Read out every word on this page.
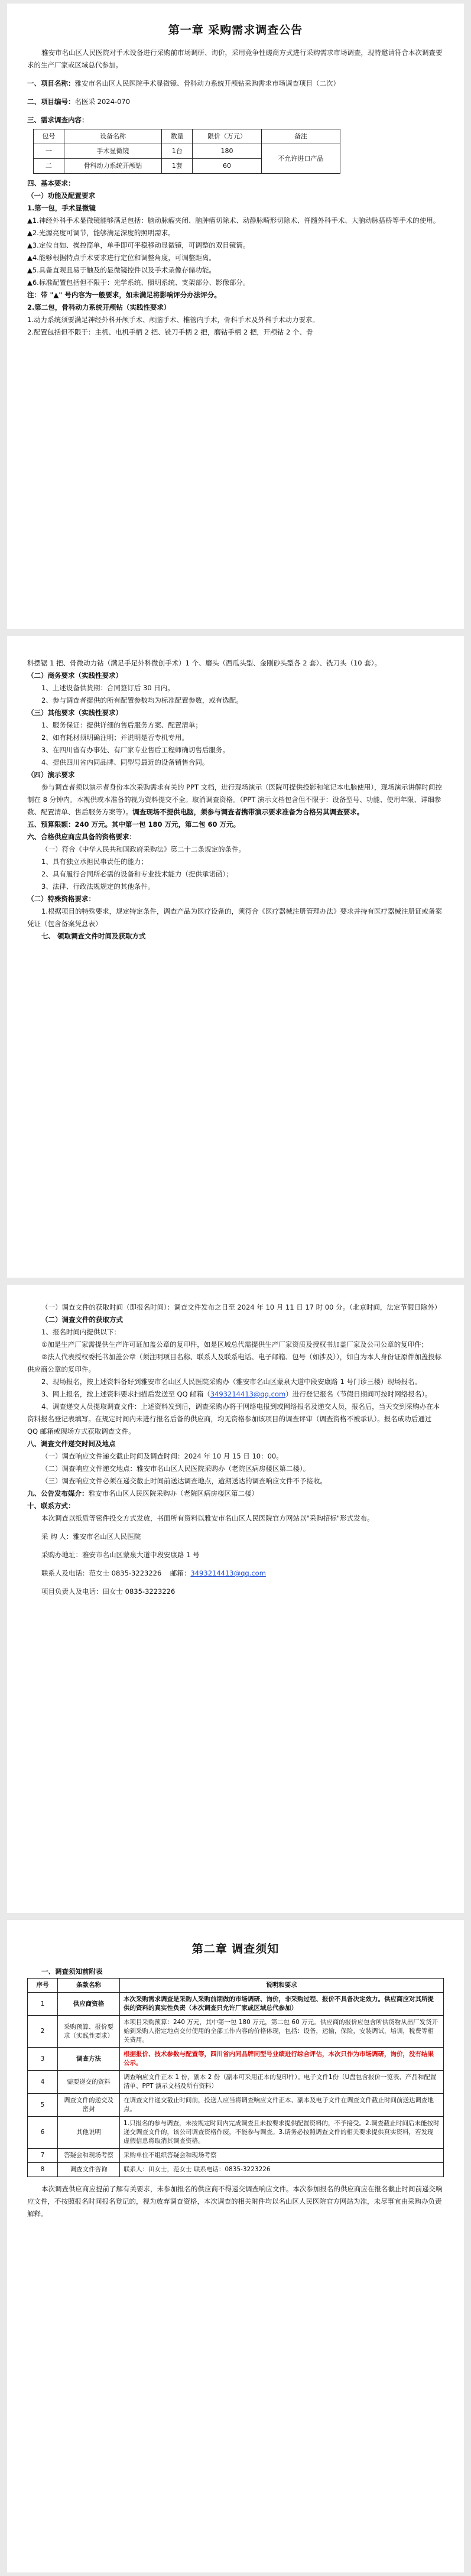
第一章 采购需求调查公告

雅安市名山区人民医院对手术设备进行采购前市场调研、询价，采用竞争性磋商方式进行采购需求市场调查，现特邀请符合本次调查要求的生产厂家或区域总代参加。

一、项目名称：雅安市名山区人民医院手术显微镜、骨科动力系统开颅钻采购需求市场调查项目（二次）

二、项目编号：名医采 2024-070

三、需求调查内容：

包号	设备名称	数量	限价（万元）	备注
一	手术显微镜	1台	180	不允许进口产品
二	骨科动力系统开颅钻	1套	60	

四、基本要求：

（一）功能及配置要求

1.第一包，手术显微镜

▲1.神经外科手术显微镜能够满足包括：脑动脉瘤夹闭、脑肿瘤切除术、动静脉畸形切除术、脊髓外科手术、大脑动脉搭桥等手术的使用。

▲2.光源亮度可调节，能够满足深度的照明需求。

▲3.定位自如、操控简单，单手即可平稳移动显微镜，可调整的双目镜筒。

▲4.能够根据特点手术要求进行定位和调整角度，可调整距离。

▲5.具备直观且易于触及的显微镜控件以及手术录像存储功能。

▲6.标准配置包括但不限于：光学系统、照明系统、支架部分、影像部分。

注：带 "▲" 号内容为一般要求，如未满足将影响评分办法评分。

2.第二包，骨科动力系统开颅钻（实践性要求）

1.动力系统须要满足神经外科开颅手术、颅脑手术、椎管内手术，骨科手术及外科手术动力要求。

2.配置包括但不限于：主机、电机手柄 2 把、铣刀手柄 2 把，磨钻手柄 2 把，开颅钻 2 个、骨

科摆锯 1 把、骨微动力钻（满足手足外科微创手术）1 个、磨头（西瓜头型、金刚砂头型各 2 套）、铣刀头（10 套）。

（二）商务要求（实践性要求）

1、上述设备供货期：合同签订后 30 日内。

2、参与调查者提供的所有配置参数均为标准配置参数，或有选配。

（三）其他要求（实践性要求）

1、服务保证：提供详细的售后服务方案、配置清单；

2、如有耗材须明确注明；并说明是否专机专用。

3、在四川省有办事处、有厂家专业售后工程师确切售后服务。

4、提供四川省内同品牌、同型号最近的设备销售合同。

（四）演示要求

参与调查者须以演示者身份本次采购需求有关的 PPT 文档，进行现场演示（医院可提供投影和笔记本电脑使用），现场演示讲解时间控制在 8 分钟内。本视供或本准备的视为资料提交不全。取消调查资格。（PPT 演示文档包含但不限于：设备型号、功能、使用年限、详细参数、配置清单、售后服务方案等）。调查现场不提供电脑，须参与调查者携带演示要求准备为合格另其调查要求。

五、预算限额：240 万元。其中第一包 180 万元，第二包 60 万元。

六、合格供应商应具备的资格要求：

（一）符合《中华人民共和国政府采购法》第二十二条规定的条件。

1、具有独立承担民事责任的能力；

2、具有履行合同所必需的设备和专业技术能力（提供承诺函）；

3、法律、行政法规规定的其他条件。

（二）特殊资格要求：

1.根据项目的特殊要求，规定特定条件，调查产品为医疗设备的，须符合《医疗器械注册管理办法》要求并持有医疗器械注册证或备案凭证（包含备案凭息表）

七、 领取调查文件时间及获取方式

（一）调查文件的获取时间（即报名时间）：调查文件发布之日至 2024 年 10 月 11 日 17 时 00 分。（北京时间，法定节假日除外）

（二）调查文件的获取方式

1、报名时间内提供以下：

①加是生产厂家需提供生产许可证加盖公章的复印件，如是区域总代需提供生产厂家资质及授权书加盖厂家及公司公章的复印件；

②法人代表授权委托书加盖公章（须注明项目名称、联系人及联系电话、电子邮箱、包号（如涉及）），如自为本人身份证原件加盖投标供应商公章的复印件。

2、现场报名，按上述资料备好到雅安市名山区人民医院采购办（雅安市名山区蒙泉大道中段安康路 1 号门诊三楼）现场报名。

3、网上报名，按上述资料要求扫描后发送至 QQ 邮箱（3493214413@qq.com）进行登记报名（节假日期间可按时网络报名）。

4、调查递交人员提取调查文件：上述资料发到后，调查采购办将于网络电报到或网络报名及递交人员，报名后，当天交到采购办在本资料报名登记表填写。在规定时间内未进行报名后备的供应商，均无资格参加该项目的调查评审（调查资格不被承认）。报名成功后通过 QQ 邮箱或现场方式获取调查文件。

八、调查文件递交时间及地点

（一）调查响应文件递交截止时间及调查时间：2024 年 10 月 15 日 10：00。

（二）调查响应文件递交地点：雅安市名山区人民医院采购办（老院区病房楼区第二楼）。

（三）调查响应文件必须在递交截止时间前送达调查地点，逾期送达的调查响应文件不予接收。

九、公告发布媒介：雅安市名山区人民医院采购办（老院区病房楼区第二楼）

十、联系方式：

本次调查以纸质等密件投交方式发放，书面所有资料以雅安市名山区人民医院官方网站以"采购招标"形式发布。

采 购 人：雅安市名山区人民医院

采购办地址：雅安市名山区蒙泉大道中段安康路 1 号

联系人及电话：范女士 0835-3223226 邮箱：3493214413@qq.com

项目负责人及电话：田女士 0835-3223226

第二章 调查须知

一、调查须知前附表

序号	条款名称	说明和要求
1	供应商资格	本次采购需求调查是采购人采购前期做的市场调研、询价，非采购过程、报价不具备决定效力。供应商应对其所提供的资料的真实性负责（本次调查只允许厂家或区域总代参加）
2	采购预算、报价要求（实践性要求）	本项目采购预算：240 万元，其中第一包 180 万元，第二包 60 万元。供应商的报价应包含所供货物从出厂发货开始到采购人指定地点交付使用的全部工作内容的价格体现，包括：设备，运输，保险，安装调试，培训，税费等相关费用。
3	调查方法	根据报价、技术参数与配置等，四川省内同品牌同型号业绩进行综合评估，本次只作为市场调研，询价，没有结果公示。
4	需要递交的资料	调查响应文件正本 1 份，副本 2 份（副本可采用正本的复印件）。电子文件1份（U盘包含报价一览表、产品和配置清单、PPT 演示文档及所有资料）
5	调查文件的递交及密封	在调查文件递交截止时间前，投送人应当将调查响应文件正本、副本及电子文件在调查文件截止时间前送达调查地点。
6	其他说明	1.只报名的参与调查，未按规定时间内完成调查且未按要求提供配置资料的，不予接受。2.调查截止时间后未能按时递交调查文件的，该公司调查资格作废，不能参与调查。3.请务必按照调查文件的相关要求提供真实资料，若发现虚假信息将取消其调查资格。
7	答疑会和现场考察	采购单位不组织答疑会和现场考察
8	调查文件咨询	联系人：田女士，范女士 联系电话：0835-3223226

本次调查供应商应提前了解有关要求，未参加报名的供应商不得递交调查响应文件。本次参加报名的供应商应在报名截止时间前递交响应文件，不按照报名时间报名登记的，视为放弃调查资格，本次调查的相关附件均以名山区人民医院官方网站为准，未尽事宜由采购办负责解释。
